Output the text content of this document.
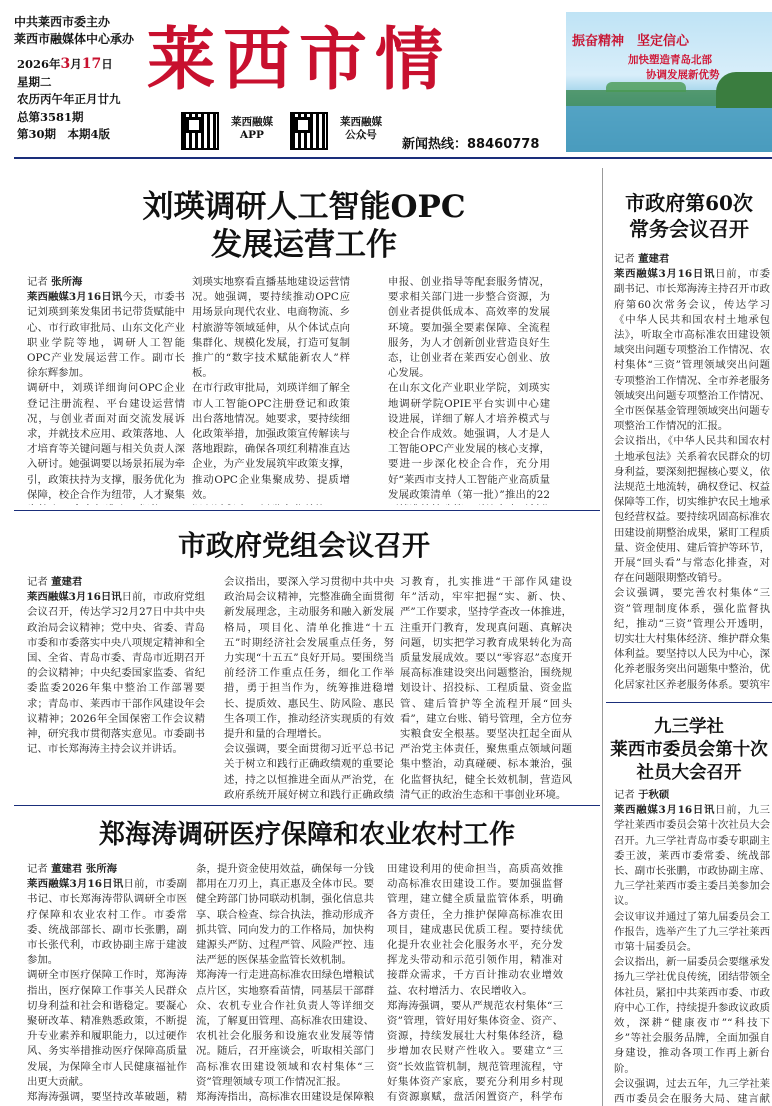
中共莱西市委主办
莱西市融媒体中心承办
2026年3月17日
星期二
农历丙午年正月廿九
总第3581期
第30期　本期4版
莱西市情
莱西融媒
APP
莱西融媒
公众号
新闻热线：88460778
振奋精神　坚定信心
加快塑造青岛北部
协调发展新优势
刘瑛调研人工智能OPC
发展运营工作
记者 张所海
莱西融媒3月16日讯今天，市委书记刘瑛到莱发集团书记带货赋能中心、市行政审批局、山东文化产业职业学院等地，调研人工智能OPC产业发展运营工作。副市长徐东辉参加。
调研中，刘瑛详细询问OPC企业登记注册流程、平台建设运营情况，与创业者面对面交流发展诉求，并就技术应用、政策落地、人才培育等关键问题与相关负责人深入研讨。她强调要以场景拓展为牵引，政策扶持为支撑，服务优化为保障，校企合作为纽带，人才聚集

刘瑛实地察看直播基地建设运营情况。她强调，要持续推动OPC应用场景向现代农业、电商物流、乡村旅游等领域延伸，从个体试点向集群化、规模化发展，打造可复制推广的“数字技术赋能新农人”样板。
在市行政审批局，刘瑛详细了解全市人工智能OPC注册登记和政策出台落地情况。她要求，要持续细化政策举措，加强政策宣传解读与落地跟踪，确保各项红利精准直达企业，为产业发展筑牢政策支撑，推动OPC企业集聚成势、提质增效。

申报、创业指导等配套服务情况，要求相关部门进一步整合资源，为创业者提供低成本、高效率的发展环境。要加强全要素保障、全流程服务，为人才创新创业营造良好生态，让创业者在莱西安心创业、放心发展。
在山东文化产业职业学院，刘瑛实地调研学院OPIE平台实训中心建设进展，详细了解人才培养模式与校企合作成效。她强调，人才是人工智能OPC产业发展的核心支撑，要进一步深化校企合作，充分用好“莱西市支持人工智能产业高质量发展政策清单（第一批）”推出的22
市政府党组会议召开
记者 董建君
莱西融媒3月16日讯日前，市政府党组会议召开，传达学习2月27日中共中央政治局会议精神；党中央、省委、青岛市委和市委落实中央八项规定精神和全国、全省、青岛市委、青岛市近期召开的会议精神；中央纪委国家监委、省纪委监委2026年集中整治工作部署要求；青岛市、莱西市干部作风建设年会议精神；2026年全国保密工作会议精神，研究我市贯彻落实意见。市委副书记、市长郑海涛主持会议并讲话。
会议指出，要深入学习贯彻中共中央政治局会议精神，完整准确全面贯彻新发展理念，主动服务和融入新发展格局，项目化、清单化推进“十五五”时期经济社会发展重点任务，努力实现“十五五”良好开局。要围绕当前经济工作重点任务，细化工作举措，勇于担当作为，统筹推进稳增长、提质效、惠民生、防风险、惠民生各项工作，推动经济实现质的有效提升和量的合理增长。
会议强调，要全面贯彻习近平总书记关于树立和践行正确政绩观的重要论述，持之以恒推进全面从严治党，在政府系统开展好树立和践行正确政绩
习教育，扎实推进“干部作风建设年”活动，牢牢把握“实、新、快、严”工作要求，坚持学查改一体推进，注重开门教育，发现真问题、真解决问题，切实把学习教育成果转化为高质量发展成效。要以“零容忍”态度开展高标准建设突出问题整治，围绕规划设计、招投标、工程质量、资金监管、建后管护等全流程开展“回头看”，建立台账、销号管理，全方位夯实粮食安全根基。要坚决扛起全面从严治党主体责任，聚焦重点领域问题集中整治，动真碰硬、标本兼治，强化监督执纪，健全长效机制，营造风清气正的政治生态和干事创业环境。
郑海涛调研医疗保障和农业农村工作
记者 董建君 张所海
莱西融媒3月16日讯日前，市委副书记、市长郑海涛带队调研全市医疗保障和农业农村工作。市委常委、统战部部长、副市长张鹏，副市长张代利，市政协副主席于建波参加。
调研全市医疗保障工作时，郑海涛指出，医疗保障工作事关人民群众切身利益和社会和谐稳定。要凝心聚研改革、精准熟悉政策，不断提升专业素养和履职能力，以过硬作风、务实举措推动医疗保障高质量发展，为保障全市人民健康福祉作出更大贡献。
郑海涛强调，要坚持改革破题，精
条，提升资金使用效益，确保每一分钱都用在刀刃上，真正惠及全体市民。要健全跨部门协同联动机制，强化信息共享、联合检查、综合执法，推动形成齐抓共管、同向发力的工作格局，加快构建源头严防、过程严管、风险严控、违法严惩的医保基金监管长效机制。
郑海涛一行走进高标准农田绿色增粮试点片区，实地察看苗情，同基层干部群众、农机专业合作社负责人等详细交流，了解夏田管理、高标准农田建设、农机社会化服务和设施农业发展等情况。随后，召开座谈会，听取相关部门高标准农田建设领域和农村集体“三资”管理领域专项工作情况汇报。
郑海涛指出，高标准农田建设是保障粮
田建设利用的使命担当，高质高效推动高标准农田建设工作。要加强监督管理，建立健全质量监管体系，明确各方责任，全力推护保障高标准农田项目，建成惠民优质工程。要持续优化提升农业社会化服务水平，充分发挥龙头带动和示范引领作用，精准对接群众需求，千方百计推动农业增效益、农村增活力、农民增收入。
郑海涛强调，要从严规范农村集体“三资”管理，管好用好集体资金、资产、资源，持续发展壮大村集体经济，稳步增加农民财产性收入。要建立“三资”长效监管机制，规范管理流程，守好集体资产家底，要充分利用乡村现有资源禀赋，盘活闲置资产，科学布
市政府第60次
常务会议召开
记者 董建君
莱西融媒3月16日讯日前，市委副书记、市长郑海涛主持召开市政府第60次常务会议，传达学习《中华人民共和国农村土地承包法》，听取全市高标准农田建设领域突出问题专项整治工作情况、农村集体“三资”管理领域突出问题专项整治工作情况、全市养老服务领域突出问题专项整治工作情况、全市医保基金管理领域突出问题专项整治工作情况的汇报。
会议指出，《中华人民共和国农村土地承包法》关系着农民群众的切身利益，要深刻把握核心要义，依法规范土地流转，确权登记、权益保障等工作，切实维护农民土地承包经营权益。要持续巩固高标准农田建设前期整治成果，紧盯工程质量、资金使用、建后管护等环节，开展“回头看”与常态化排查，对存在问题限期整改销号。
会议强调，要完善农村集体“三资”管理制度体系，强化监督执纪，推动“三资”管理公开透明，切实壮大村集体经济、维护群众集体利益。要坚持以人民为中心，深化养老服务突出问题集中整治，优化居家社区养老服务体系。要筑牢
九三学社
莱西市委员会第十次
社员大会召开
记者 于秋硕
莱西融媒3月16日讯日前，九三学社莱西市委员会第十次社员大会召开。九三学社青岛市委专职副主委王波，莱西市委常委、统战部长、副市长张鹏，市政协副主席、九三学社莱西市委主委吕美参加会议。
会议审议并通过了第九届委员会工作报告，选举产生了九三学社莱西市第十届委员会。
会议指出，新一届委员会要继承发扬九三学社优良传统，团结带领全体社员，紧扣中共莱西市委、市政府中心工作，持续提升参政议政质效，深耕“健康夜市”“科技下乡”等社会服务品牌，全面加强自身建设，推动各项工作再上新台阶。
会议强调，过去五年，九三学社莱西市委员会在服务大局、建言献
